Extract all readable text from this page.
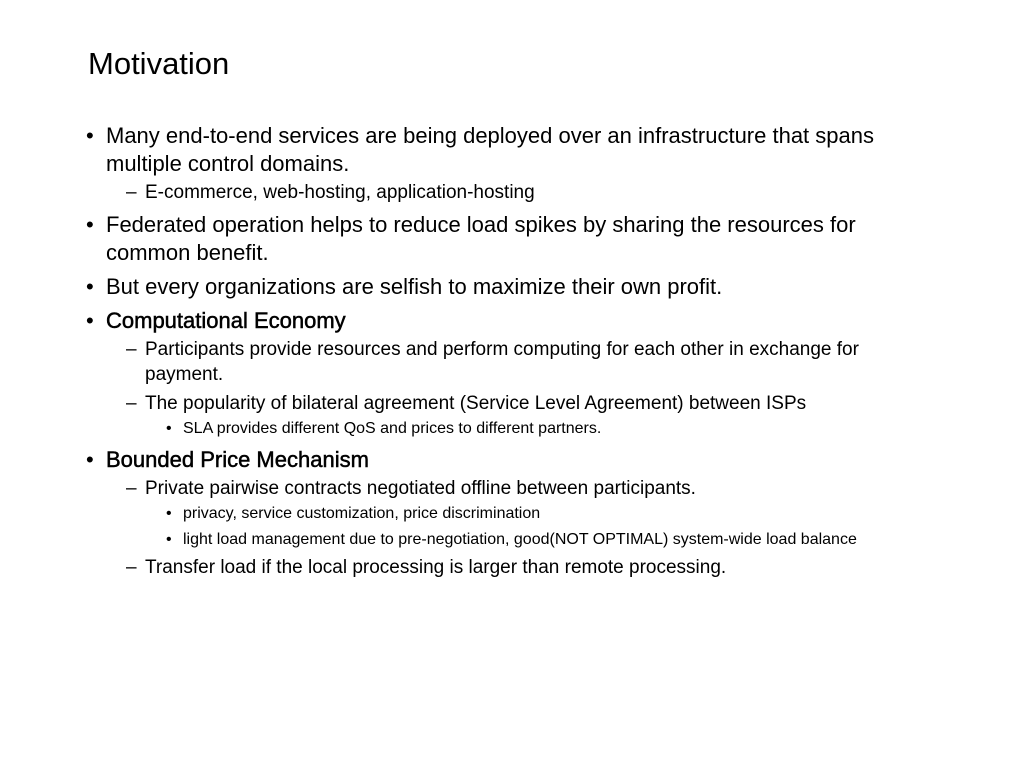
Motivation
• Many end-to-end services are being deployed over an infrastructure that spans multiple control domains.
– E-commerce, web-hosting, application-hosting
• Federated operation helps to reduce load spikes by sharing the resources for common benefit.
• But every organizations are selfish to maximize their own profit.
• Computational Economy
– Participants provide resources and perform computing for each other in exchange for payment.
– The popularity of bilateral agreement (Service Level Agreement) between ISPs
• SLA provides different QoS and prices to different partners.
• Bounded Price Mechanism
– Private pairwise contracts negotiated offline between participants.
• privacy, service customization, price discrimination
• light load management due to pre-negotiation, good(NOT OPTIMAL) system-wide load balance
– Transfer load if the local processing is larger than remote processing.
